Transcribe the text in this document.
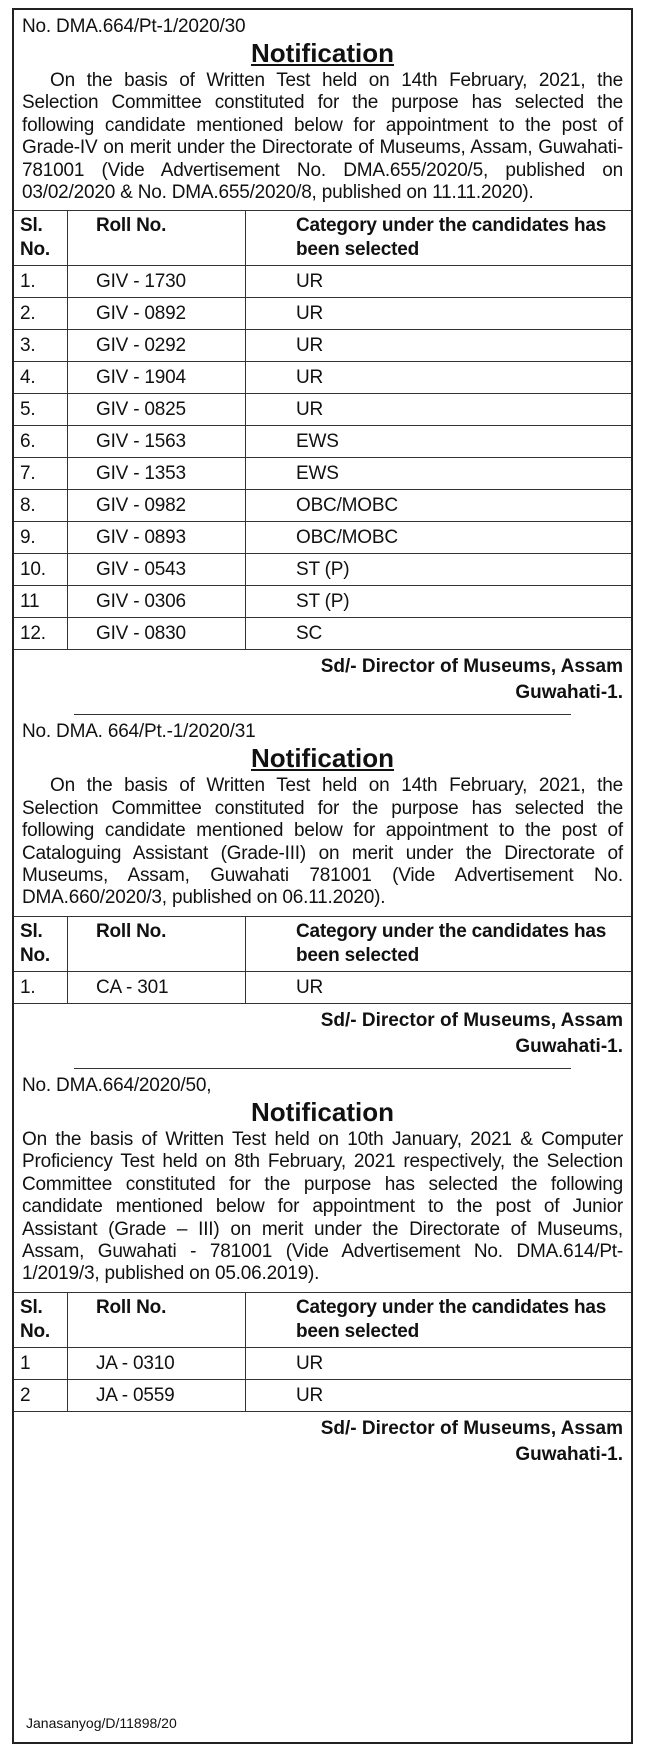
No. DMA.664/Pt-1/2020/30
Notification
On the basis of Written Test held on 14th February, 2021, the Selection Committee constituted for the purpose has selected the following candidate mentioned below for appointment to the post of Grade-IV on merit under the Directorate of Museums, Assam, Guwahati-781001 (Vide Advertisement No. DMA.655/2020/5, published on 03/02/2020 & No. DMA.655/2020/8, published on 11.11.2020).
Sl. No.	Roll No.	Category under the candidates has been selected
1.	GIV - 1730	UR
2.	GIV - 0892	UR
3.	GIV - 0292	UR
4.	GIV - 1904	UR
5.	GIV - 0825	UR
6.	GIV - 1563	EWS
7.	GIV - 1353	EWS
8.	GIV - 0982	OBC/MOBC
9.	GIV - 0893	OBC/MOBC
10.	GIV - 0543	ST (P)
11	GIV - 0306	ST (P)
12.	GIV - 0830	SC
Sd/- Director of Museums, Assam
Guwahati-1.
No. DMA. 664/Pt.-1/2020/31
Notification
On the basis of Written Test held on 14th February, 2021, the Selection Committee constituted for the purpose has selected the following candidate mentioned below for appointment to the post of Cataloguing Assistant (Grade-III) on merit under the Directorate of Museums, Assam, Guwahati 781001 (Vide Advertisement No. DMA.660/2020/3, published on 06.11.2020).
Sl. No.	Roll No.	Category under the candidates has been selected
1.	CA - 301	UR
Sd/- Director of Museums, Assam
Guwahati-1.
No. DMA.664/2020/50,
Notification
On the basis of Written Test held on 10th January, 2021 & Computer Proficiency Test held on 8th February, 2021 respectively, the Selection Committee constituted for the purpose has selected the following candidate mentioned below for appointment to the post of Junior Assistant (Grade – III) on merit under the Directorate of Museums, Assam, Guwahati - 781001 (Vide Advertisement No. DMA.614/Pt-1/2019/3, published on 05.06.2019).
Sl. No.	Roll No.	Category under the candidates has been selected
1	JA - 0310	UR
2	JA - 0559	UR
Sd/- Director of Museums, Assam
Guwahati-1.
Janasanyog/D/11898/20
